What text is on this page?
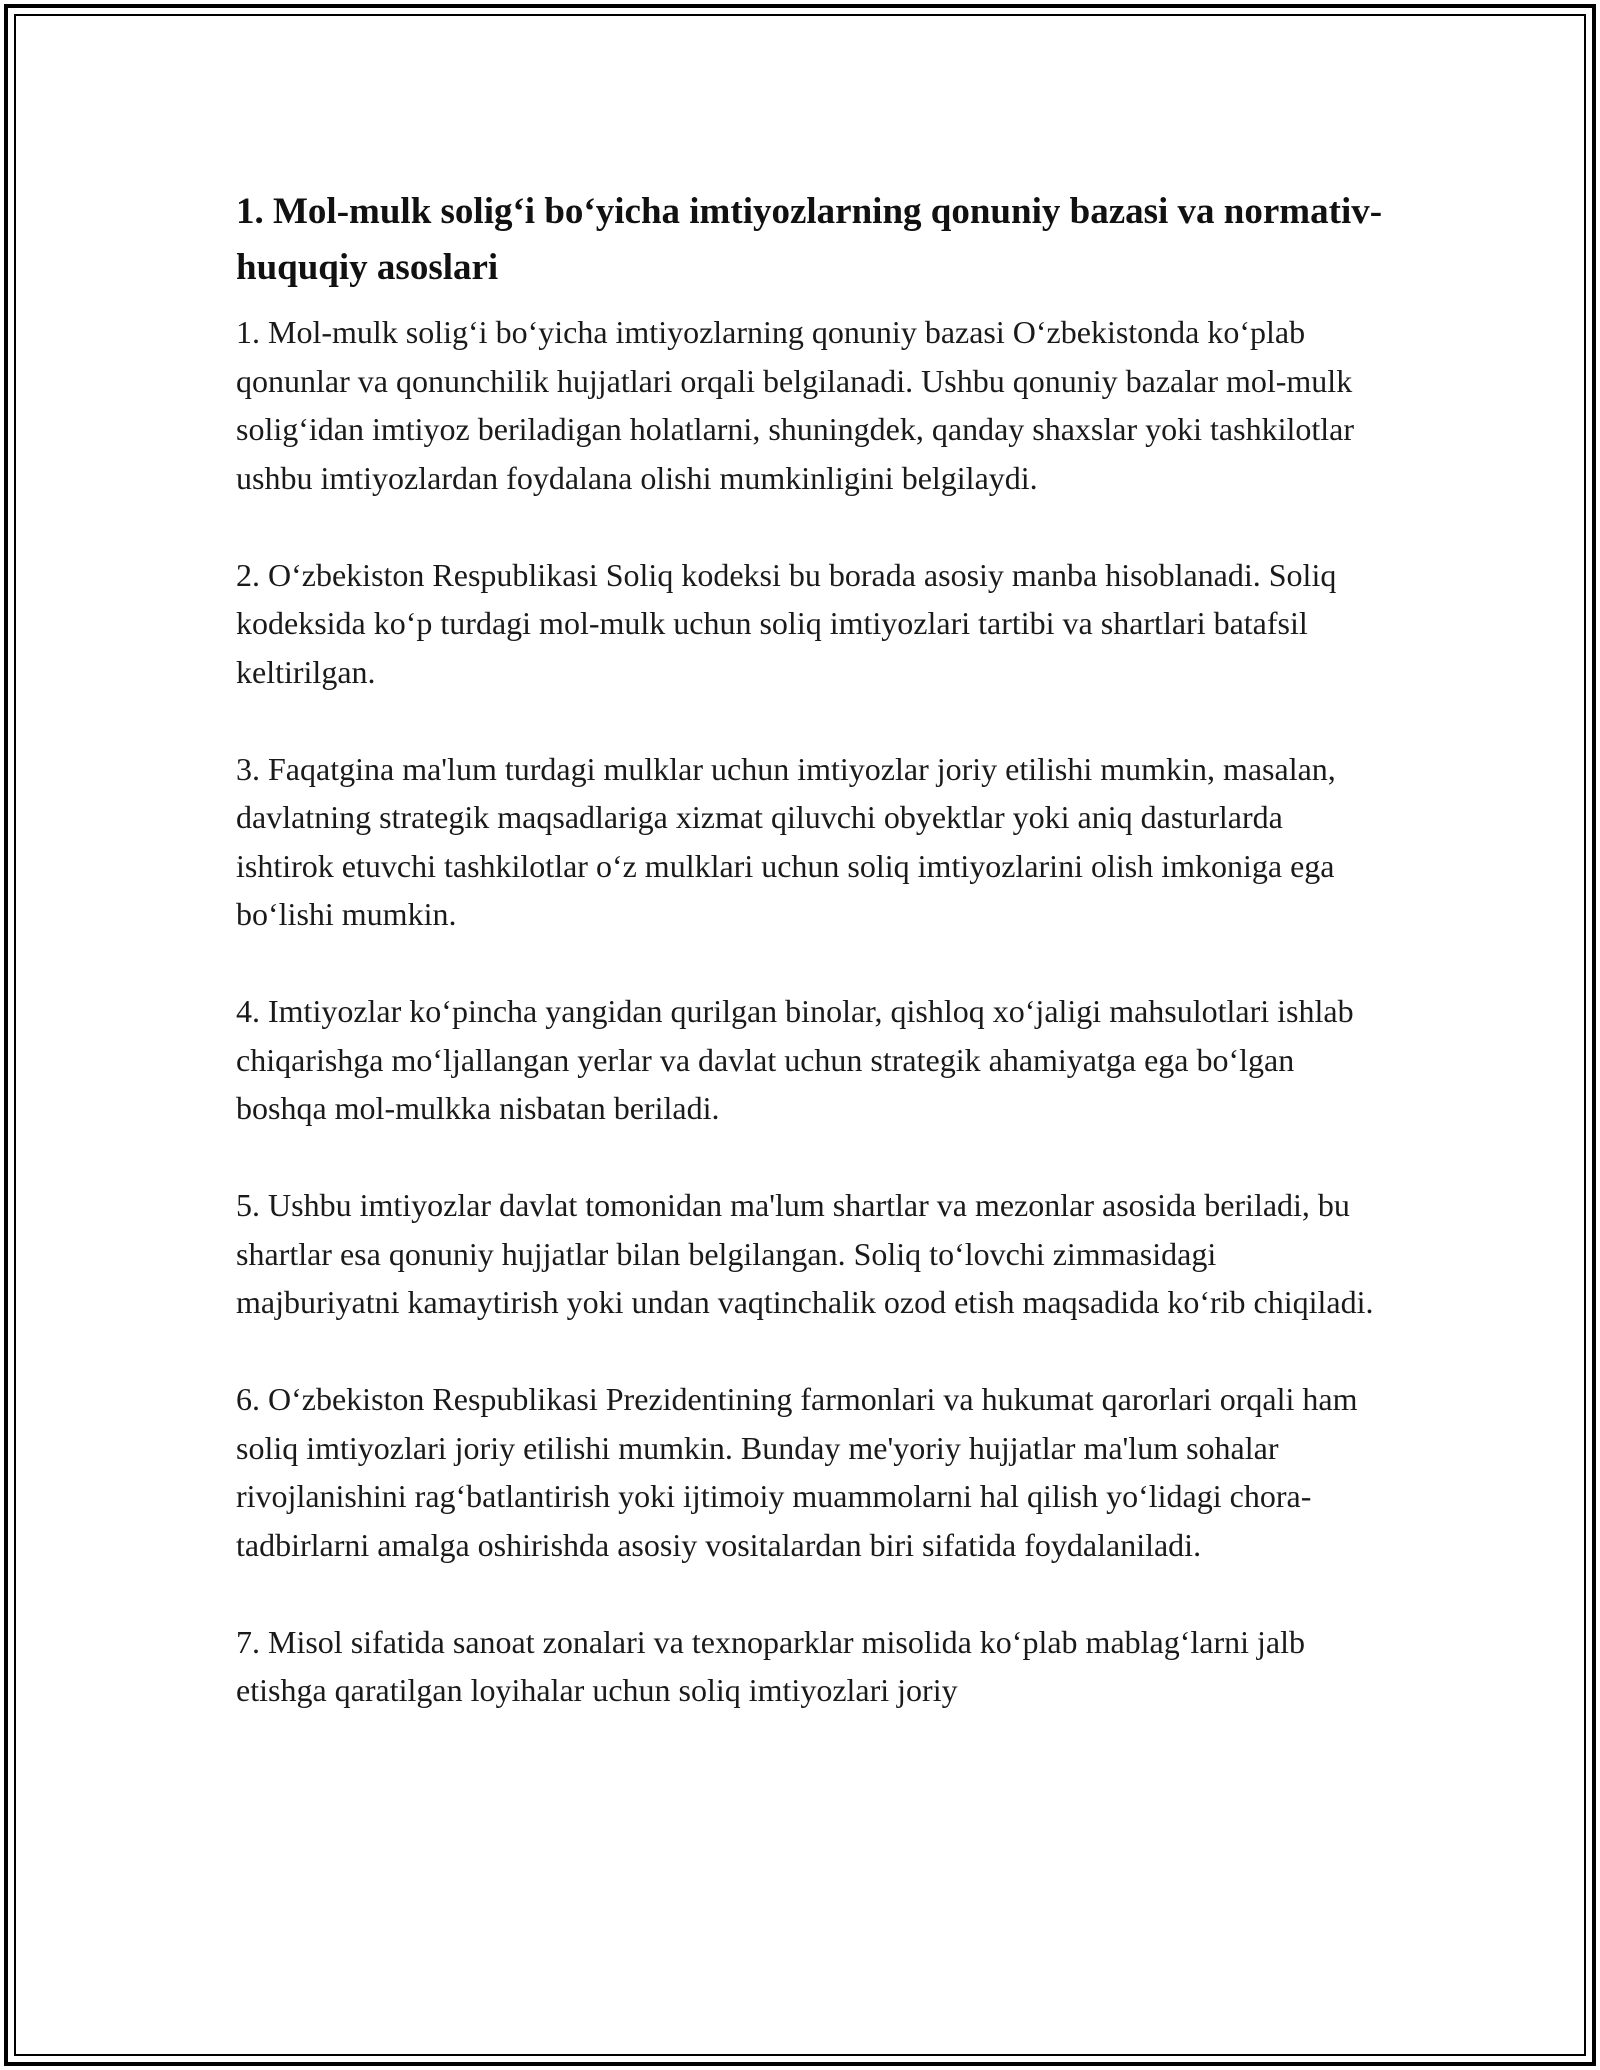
1. Mol-mulk solig‘i bo‘yicha imtiyozlarning qonuniy bazasi va normativ-huquqiy asoslari

1. Mol-mulk solig‘i bo‘yicha imtiyozlarning qonuniy bazasi O‘zbekistonda ko‘plab qonunlar va qonunchilik hujjatlari orqali belgilanadi. Ushbu qonuniy bazalar mol-mulk solig‘idan imtiyoz beriladigan holatlarni, shuningdek, qanday shaxslar yoki tashkilotlar ushbu imtiyozlardan foydalana olishi mumkinligini belgilaydi.

2. O‘zbekiston Respublikasi Soliq kodeksi bu borada asosiy manba hisoblanadi. Soliq kodeksida ko‘p turdagi mol-mulk uchun soliq imtiyozlari tartibi va shartlari batafsil keltirilgan.

3. Faqatgina ma'lum turdagi mulklar uchun imtiyozlar joriy etilishi mumkin, masalan, davlatning strategik maqsadlariga xizmat qiluvchi obyektlar yoki aniq dasturlarda ishtirok etuvchi tashkilotlar o‘z mulklari uchun soliq imtiyozlarini olish imkoniga ega bo‘lishi mumkin.

4. Imtiyozlar ko‘pincha yangidan qurilgan binolar, qishloq xo‘jaligi mahsulotlari ishlab chiqarishga mo‘ljallangan yerlar va davlat uchun strategik ahamiyatga ega bo‘lgan boshqa mol-mulkka nisbatan beriladi.

5. Ushbu imtiyozlar davlat tomonidan ma'lum shartlar va mezonlar asosida beriladi, bu shartlar esa qonuniy hujjatlar bilan belgilangan. Soliq to‘lovchi zimmasidagi majburiyatni kamaytirish yoki undan vaqtinchalik ozod etish maqsadida ko‘rib chiqiladi.

6. O‘zbekiston Respublikasi Prezidentining farmonlari va hukumat qarorlari orqali ham soliq imtiyozlari joriy etilishi mumkin. Bunday me'yoriy hujjatlar ma'lum sohalar rivojlanishini rag‘batlantirish yoki ijtimoiy muammolarni hal qilish yo‘lidagi chora-tadbirlarni amalga oshirishda asosiy vositalardan biri sifatida foydalaniladi.

7. Misol sifatida sanoat zonalari va texnoparklar misolida ko‘plab mablag‘larni jalb etishga qaratilgan loyihalar uchun soliq imtiyozlari joriy
